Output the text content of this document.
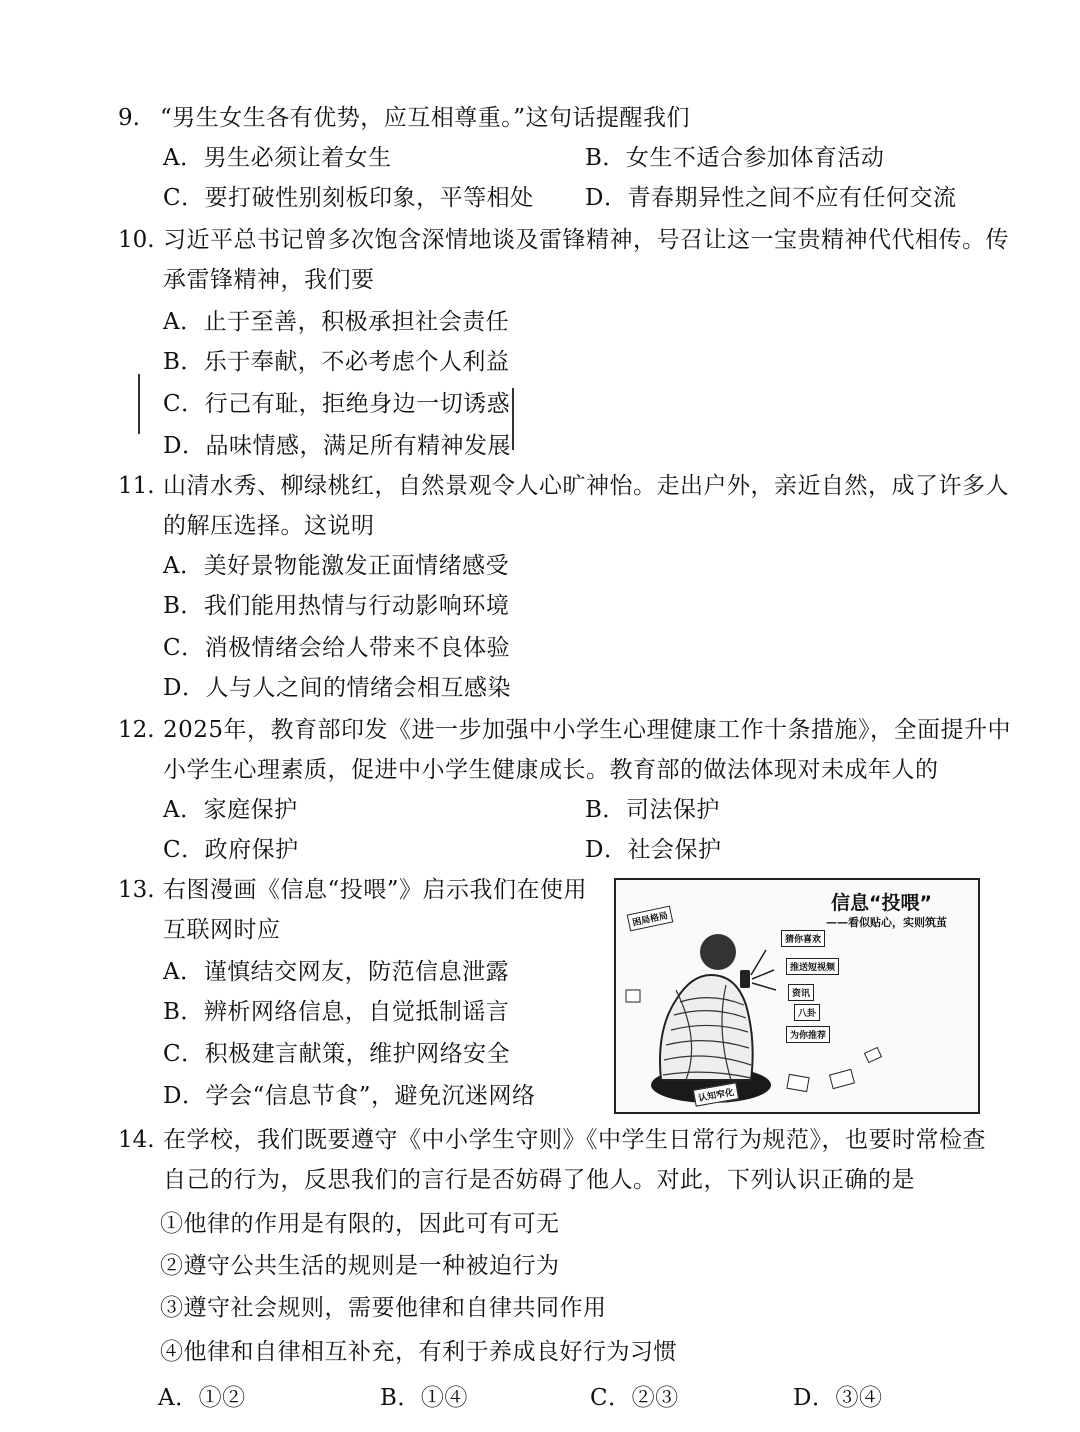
9. “男生女生各有优势，应互相尊重。”这句话提醒我们
A．男生必须让着女生	B．女生不适合参加体育活动
C．要打破性别刻板印象，平等相处 D．青春期异性之间不应有任何交流
10. 习近平总书记曾多次饱含深情地谈及雷锋精神，号召让这一宝贵精神代代相传。传
承雷锋精神，我们要
A．止于至善，积极承担社会责任
B．乐于奉献，不必考虑个人利益
C．行己有耻，拒绝身边一切诱惑
D．品味情感，满足所有精神发展
11. 山清水秀、柳绿桃红，自然景观令人心旷神怡。走出户外，亲近自然，成了许多人
的解压选择。这说明
A．美好景物能激发正面情绪感受
B．我们能用热情与行动影响环境
C．消极情绪会给人带来不良体验
D．人与人之间的情绪会相互感染
12. 2025年，教育部印发《进一步加强中小学生心理健康工作十条措施》，全面提升中
小学生心理素质，促进中小学生健康成长。教育部的做法体现对未成年人的
A．家庭保护	B．司法保护
C．政府保护	D．社会保护
13. 右图漫画《信息“投喂”》启示我们在使用
互联网时应
A．谨慎结交网友，防范信息泄露
B．辨析网络信息，自觉抵制谣言
C．积极建言献策，维护网络安全
D．学会“信息节食”，避免沉迷网络
信息“投喂”
——看似贴心，实则筑茧
猜你喜欢
推送短视频
资讯
八卦
为你推荐
困局格局
认知窄化
14. 在学校，我们既要遵守《中小学生守则》《中学生日常行为规范》，也要时常检查
自己的行为，反思我们的言行是否妨碍了他人。对此，下列认识正确的是
①他律的作用是有限的，因此可有可无
②遵守公共生活的规则是一种被迫行为
③遵守社会规则，需要他律和自律共同作用
④他律和自律相互补充，有利于养成良好行为习惯
A．①②	B．①④	C．②③	D．③④
